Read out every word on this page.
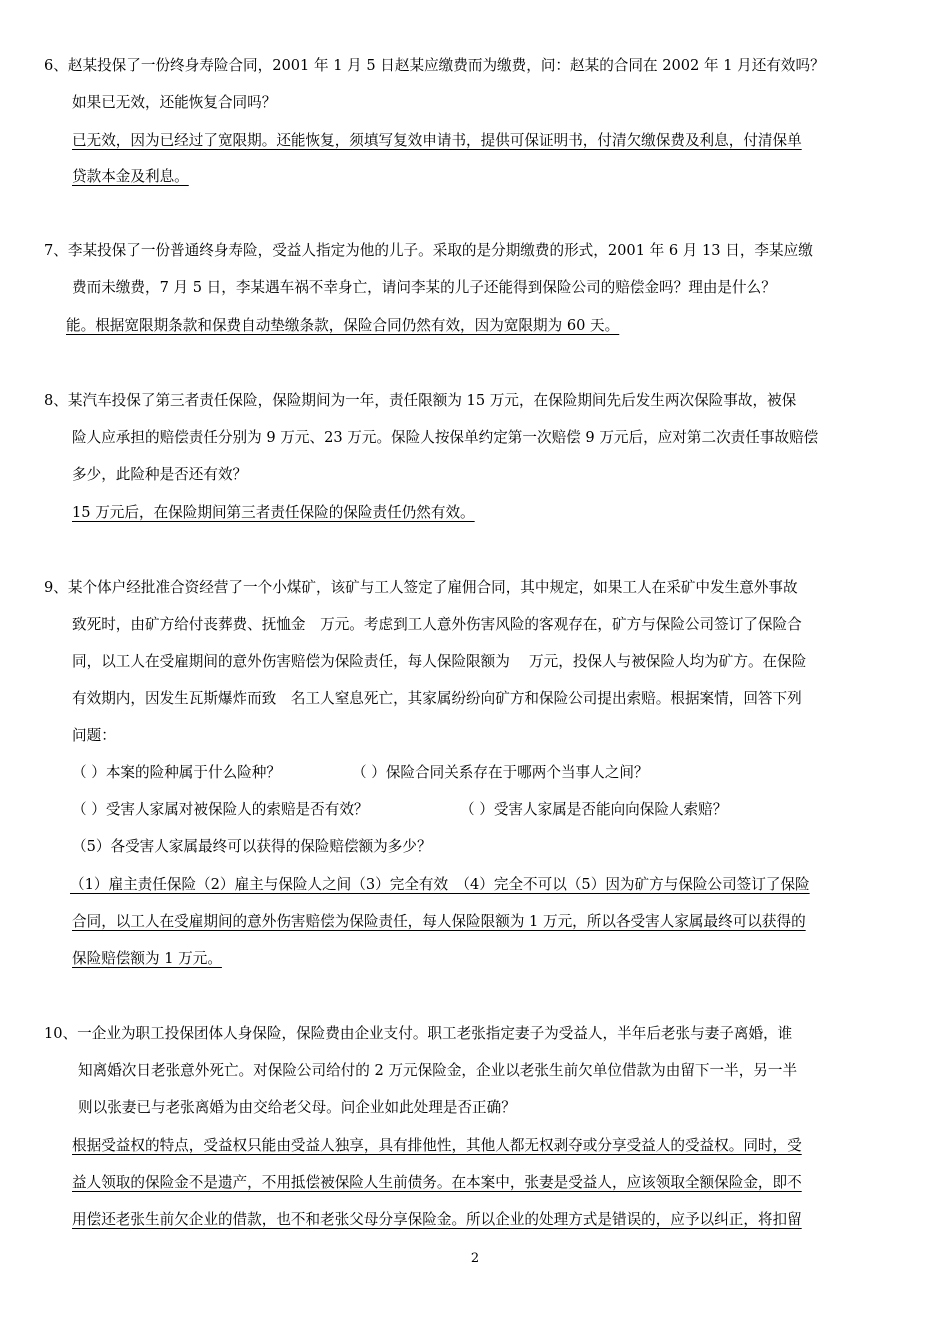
6、赵某投保了一份终身寿险合同，2001 年 1 月 5 日赵某应缴费而为缴费，问：赵某的合同在 2002 年 1 月还有效吗？
如果已无效，还能恢复合同吗？
已无效，因为已经过了宽限期。还能恢复，须填写复效申请书，提供可保证明书，付清欠缴保费及利息，付清保单
贷款本金及利息。
7、李某投保了一份普通终身寿险，受益人指定为他的儿子。采取的是分期缴费的形式，2001 年 6 月 13 日，李某应缴
费而未缴费，7 月 5 日，李某遇车祸不幸身亡，请问李某的儿子还能得到保险公司的赔偿金吗？理由是什么？
能。根据宽限期条款和保费自动垫缴条款，保险合同仍然有效，因为宽限期为 60 天。
8、某汽车投保了第三者责任保险，保险期间为一年，责任限额为 15 万元，在保险期间先后发生两次保险事故，被保
险人应承担的赔偿责任分别为 9 万元、23 万元。保险人按保单约定第一次赔偿 9 万元后，应对第二次责任事故赔偿
多少，此险种是否还有效？
15 万元后，在保险期间第三者责任保险的保险责任仍然有效。
9、某个体户经批准合资经营了一个小煤矿，该矿与工人签定了雇佣合同，其中规定，如果工人在采矿中发生意外事故
致死时，由矿方给付丧葬费、抚恤金　万元。考虑到工人意外伤害风险的客观存在，矿方与保险公司签订了保险合
同，以工人在受雇期间的意外伤害赔偿为保险责任，每人保险限额为　 万元，投保人与被保险人均为矿方。在保险
有效期内，因发生瓦斯爆炸而致　名工人窒息死亡，其家属纷纷向矿方和保险公司提出索赔。根据案情，回答下列
问题：
（ ）本案的险种属于什么险种？	（ ）保险合同关系存在于哪两个当事人之间？
（ ）受害人家属对被保险人的索赔是否有效？	（ ）受害人家属是否能向向保险人索赔？
（5）各受害人家属最终可以获得的保险赔偿额为多少？
（1）雇主责任保险（2）雇主与保险人之间（3）完全有效　（4）完全不可以（5）因为矿方与保险公司签订了保险
合同，以工人在受雇期间的意外伤害赔偿为保险责任，每人保险限额为 1 万元，所以各受害人家属最终可以获得的
保险赔偿额为 1 万元。
10、一企业为职工投保团体人身保险，保险费由企业支付。职工老张指定妻子为受益人，半年后老张与妻子离婚，谁
知离婚次日老张意外死亡。对保险公司给付的 2 万元保险金，企业以老张生前欠单位借款为由留下一半，另一半
则以张妻已与老张离婚为由交给老父母。问企业如此处理是否正确？
根据受益权的特点，受益权只能由受益人独享，具有排他性，其他人都无权剥夺或分享受益人的受益权。同时，受
益人领取的保险金不是遗产，不用抵偿被保险人生前债务。在本案中，张妻是受益人，应该领取全额保险金，即不
用偿还老张生前欠企业的借款，也不和老张父母分享保险金。所以企业的处理方式是错误的，应予以纠正，将扣留
2
